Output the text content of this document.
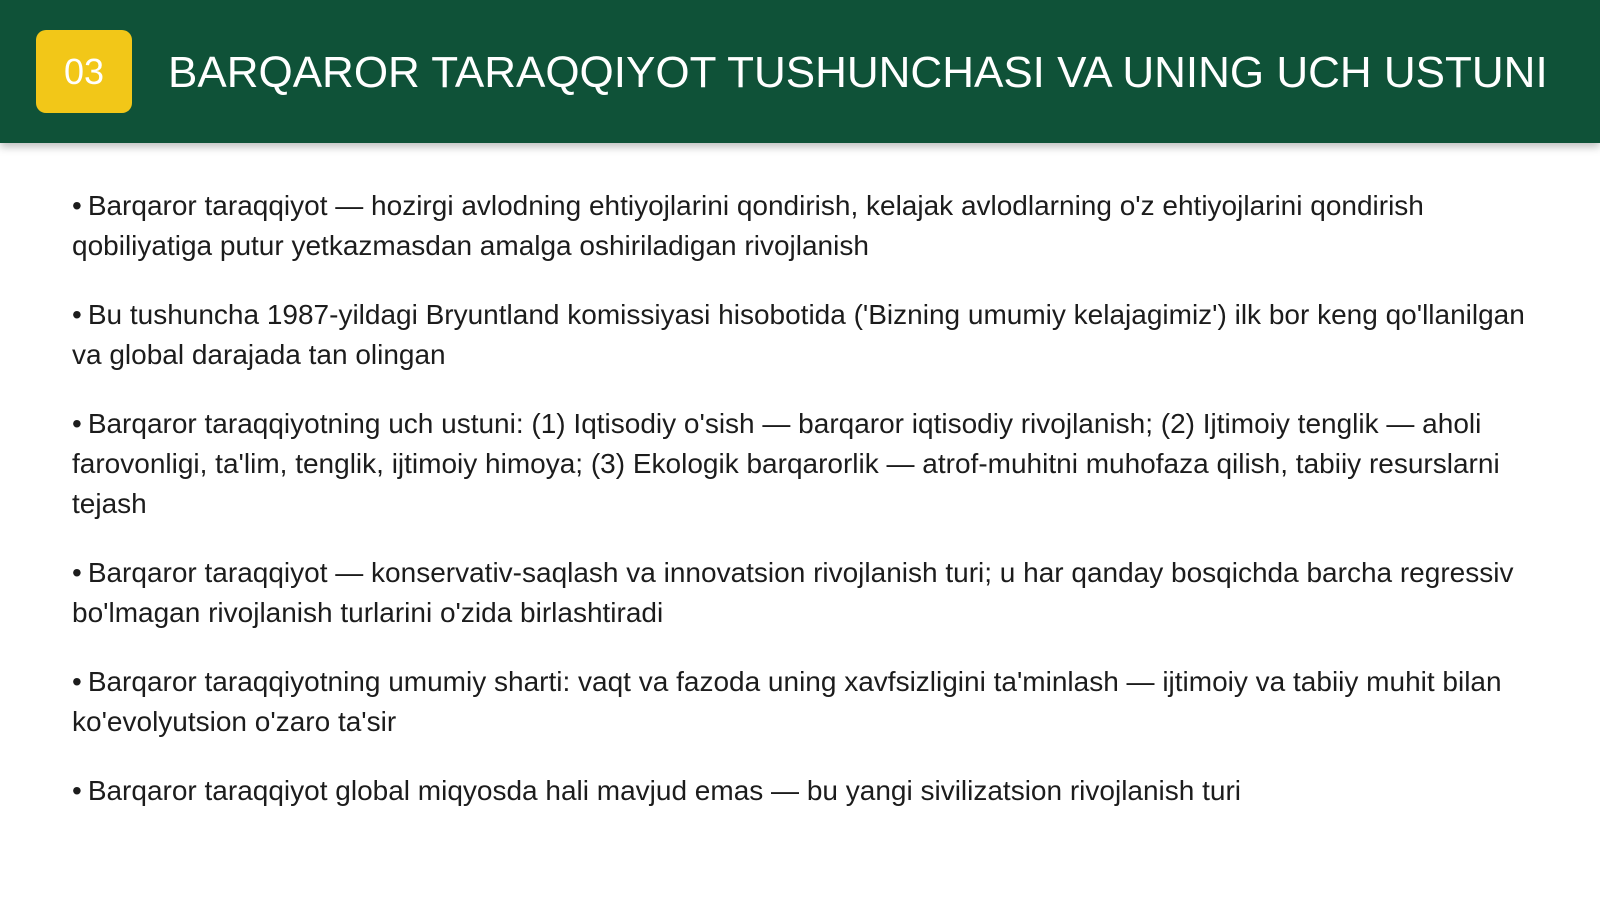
03	BARQAROR TARAQQIYOT TUSHUNCHASI VA UNING UCH USTUNI
• Barqaror taraqqiyot — hozirgi avlodning ehtiyojlarini qondirish, kelajak avlodlarning o'z ehtiyojlarini qondirish qobiliyatiga putur yetkazmasdan amalga oshiriladigan rivojlanish
• Bu tushuncha 1987-yildagi Bryuntland komissiyasi hisobotida ('Bizning umumiy kelajagimiz') ilk bor keng qo'llanilgan va global darajada tan olingan
• Barqaror taraqqiyotning uch ustuni: (1) Iqtisodiy o'sish — barqaror iqtisodiy rivojlanish; (2) Ijtimoiy tenglik — aholi farovonligi, ta'lim, tenglik, ijtimoiy himoya; (3) Ekologik barqarorlik — atrof-muhitni muhofaza qilish, tabiiy resurslarni tejash
• Barqaror taraqqiyot — konservativ-saqlash va innovatsion rivojlanish turi; u har qanday bosqichda barcha regressiv bo'lmagan rivojlanish turlarini o'zida birlashtiradi
• Barqaror taraqqiyotning umumiy sharti: vaqt va fazoda uning xavfsizligini ta'minlash — ijtimoiy va tabiiy muhit bilan ko'evolyutsion o'zaro ta'sir
• Barqaror taraqqiyot global miqyosda hali mavjud emas — bu yangi sivilizatsion rivojlanish turi
